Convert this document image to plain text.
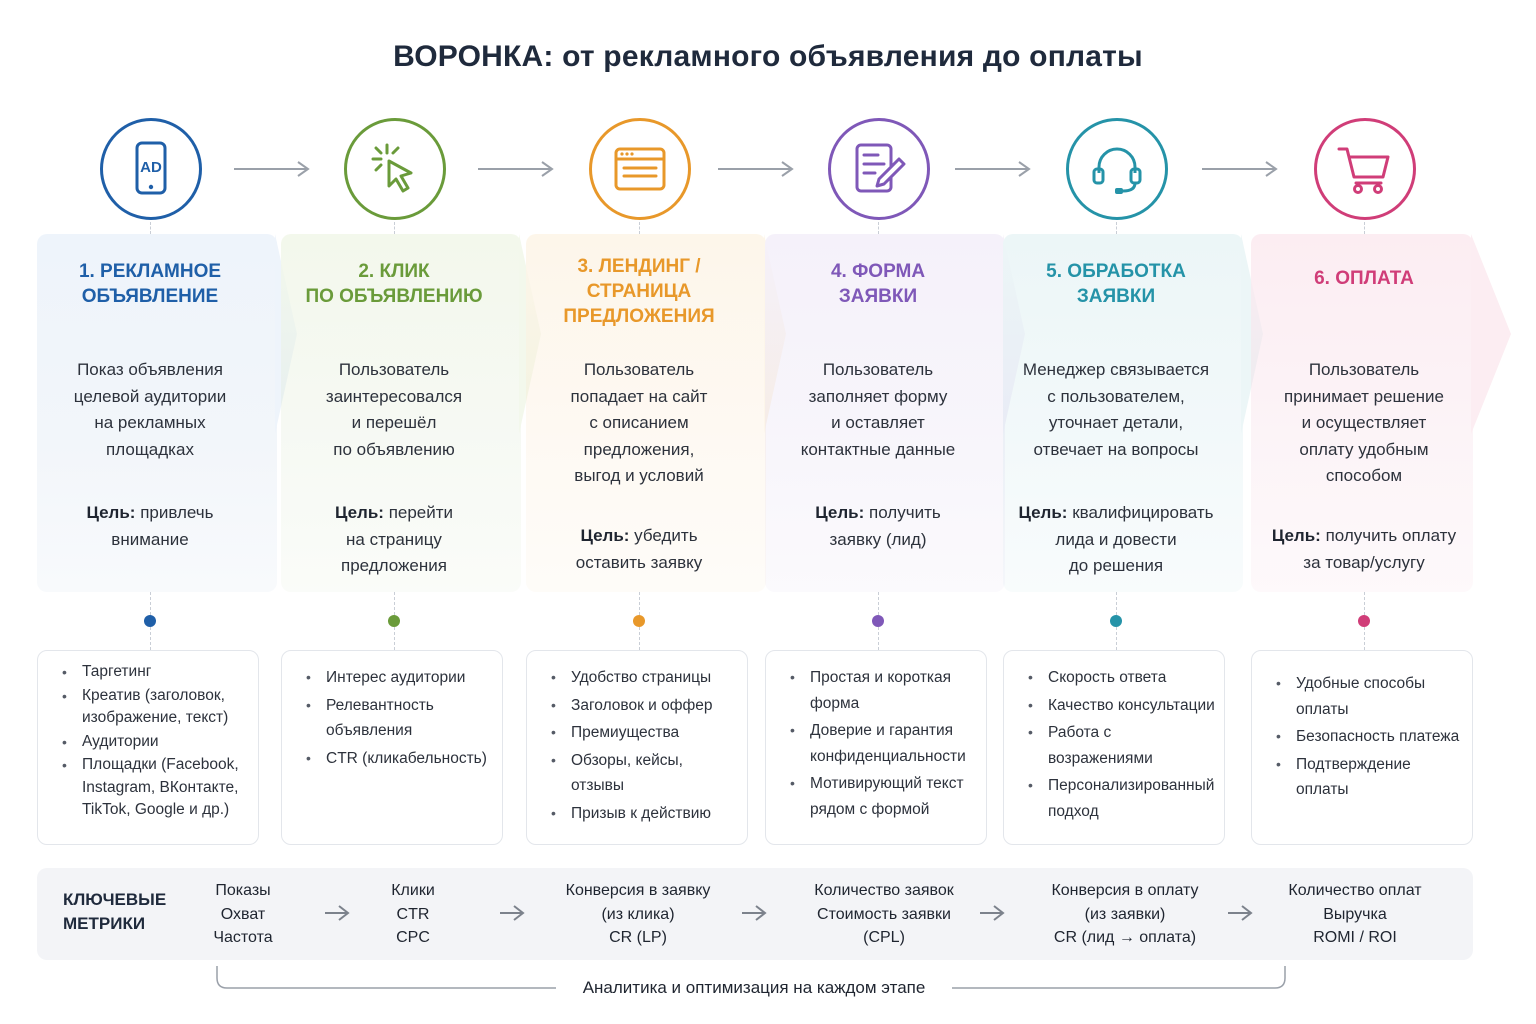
ВОРОНКА: от рекламного объявления до оплаты
AD
1. РЕКЛАМНОЕ
ОБЪЯВЛЕНИЕ
Показ объявления
целевой аудитории
на рекламных
площадках
Цель: привлечь
внимание
• Таргетинг
• Креатив (заголовок, изображение, текст)
• Аудитории
• Площадки (Facebook, Instagram, ВКонтакте, TikTok, Google и др.)
2. КЛИК
ПО ОБЪЯВЛЕНИЮ
Пользователь
заинтересовался
и перешёл
по объявлению
Цель: перейти
на страницу
предложения
• Интерес аудитории
• Релевантность объявления
• CTR (кликабельность)
3. ЛЕНДИНГ /
СТРАНИЦА
ПРЕДЛОЖЕНИЯ
Пользователь
попадает на сайт
с описанием
предложения,
выгод и условий
Цель: убедить
оставить заявку
• Удобство страницы
• Заголовок и оффер
• Премиущества
• Обзоры, кейсы, отзывы
• Призыв к действию
4. ФОРМА
ЗАЯВКИ
Пользователь
заполняет форму
и оставляет
контактные данные
Цель: получить
заявку (лид)
• Простая и короткая форма
• Доверие и гарантия конфиденциальности
• Мотивирующий текст рядом с формой
5. ОБРАБОТКА
ЗАЯВКИ
Менеджер связывается
с пользователем,
уточнает детали,
отвечает на вопросы
Цель: квалифицировать
лида и довести
до решения
• Скорость ответа
• Качество консультации
• Работа с возражениями
• Персонализированный подход
6. ОПЛАТА
Пользователь
принимает решение
и осуществляет
оплату удобным
способом
Цель: получить оплату
за товар/услугу
• Удобные способы оплаты
• Безопасность платежа
• Подтверждение оплаты
КЛЮЧЕВЫЕ
МЕТРИКИ
Показы
Охват
Частота
Клики
CTR
CPC
Конверсия в заявку
(из клика)
CR (LP)
Количество заявок
Стоимость заявки
(CPL)
Конверсия в оплату
(из заявки)
CR (лид → оплата)
Количество оплат
Выручка
ROMI / ROI
Аналитика и оптимизация на каждом этапе
